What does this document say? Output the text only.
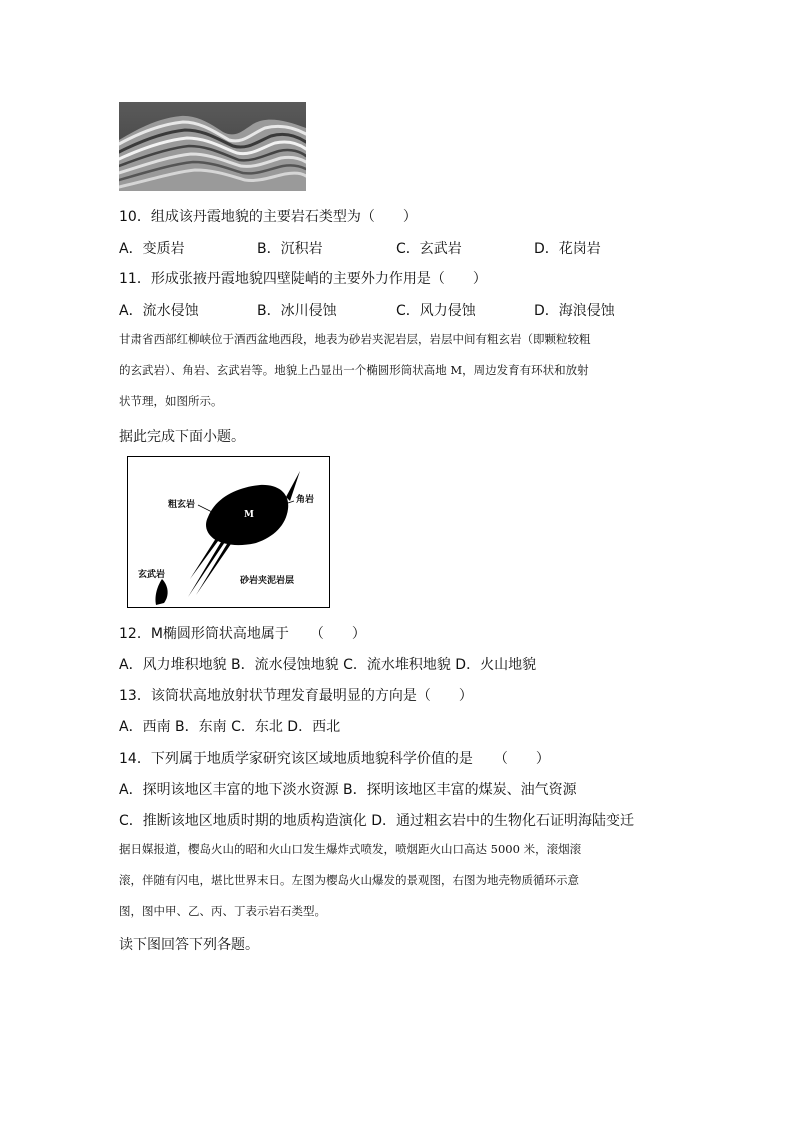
10．组成该丹霞地貌的主要岩石类型为（　　）
A．变质岩	B．沉积岩	C．玄武岩	D．花岗岩
11．形成张掖丹霞地貌四壁陡峭的主要外力作用是（　　）
A．流水侵蚀	B．冰川侵蚀	C．风力侵蚀	D．海浪侵蚀
甘肃省西部红柳峡位于酒西盆地西段，地表为砂岩夹泥岩层，岩层中间有粗玄岩（即颗粒较粗
的玄武岩）、角岩、玄武岩等。地貌上凸显出一个椭圆形筒状高地 M，周边发育有环状和放射
状节理，如图所示。
据此完成下面小题。
M
粗玄岩	角岩
玄武岩
砂岩夹泥岩层
12．M椭圆形筒状高地属于　　（　　）
A．风力堆积地貌 B．流水侵蚀地貌 C．流水堆积地貌 D．火山地貌
13．该筒状高地放射状节理发育最明显的方向是（　　）
A．西南 B．东南 C．东北 D．西北
14．下列属于地质学家研究该区域地质地貌科学价值的是　　（　　）
A．探明该地区丰富的地下淡水资源 B．探明该地区丰富的煤炭、油气资源
C．推断该地区地质时期的地质构造演化 D．通过粗玄岩中的生物化石证明海陆变迁
据日媒报道，樱岛火山的昭和火山口发生爆炸式喷发，喷烟距火山口高达 5000 米，滚烟滚
滚，伴随有闪电，堪比世界末日。左图为樱岛火山爆发的景观图，右图为地壳物质循环示意
图，图中甲、乙、丙、丁表示岩石类型。
读下图回答下列各题。
